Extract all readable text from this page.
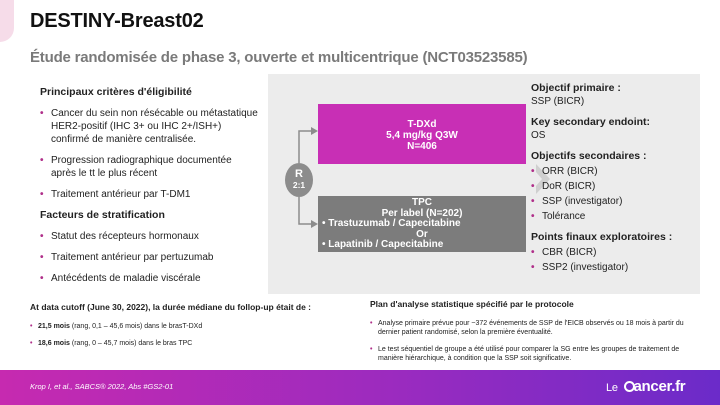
DESTINY-Breast02
Étude randomisée de phase 3, ouverte et multicentrique (NCT03523585)
Principaux critères d'éligibilité
• Cancer du sein non résécable ou métastatique HER2-positif (IHC 3+ ou IHC 2+/ISH+) confirmé de manière centralisée.
• Progression radiographique documentée après le tt le plus récent
• Traitement antérieur par T-DM1
Facteurs de stratification
• Statut des récepteurs hormonaux
• Traitement antérieur par pertuzumab
• Antécédents de maladie viscérale
R
2:1
T-DXd
5,4 mg/kg Q3W
N=406
TPC
Per label (N=202)
• Trastuzumab / Capecitabine
Or
• Lapatinib / Capecitabine
Objectif primaire :
SSP (BICR)
Key secondary endoint:
OS
Objectifs secondaires :
• ORR (BICR)
• DoR (BICR)
• SSP (investigator)
• Tolérance
Points finaux exploratoires :
• CBR (BICR)
• SSP2 (investigator)
At data cutoff (June 30, 2022), la durée médiane du follop-up était de :
• 21,5 mois (rang, 0,1 – 45,6 mois) dans le brasT-DXd
• 18,6 mois (rang, 0 – 45,7 mois) dans le bras TPC
Plan d'analyse statistique spécifié par le protocole
• Analyse primaire prévue pour ~372 événements de SSP de l'EICB observés ou 18 mois à partir du dernier patient randomisé, selon la première éventualité.
• Le test séquentiel de groupe a été utilisé pour comparer la SG entre les groupes de traitement de manière hiérarchique, à condition que la SSP soit significative.
Krop I, et al., SABCS® 2022, Abs #GS2-01	Le ancer.fr
